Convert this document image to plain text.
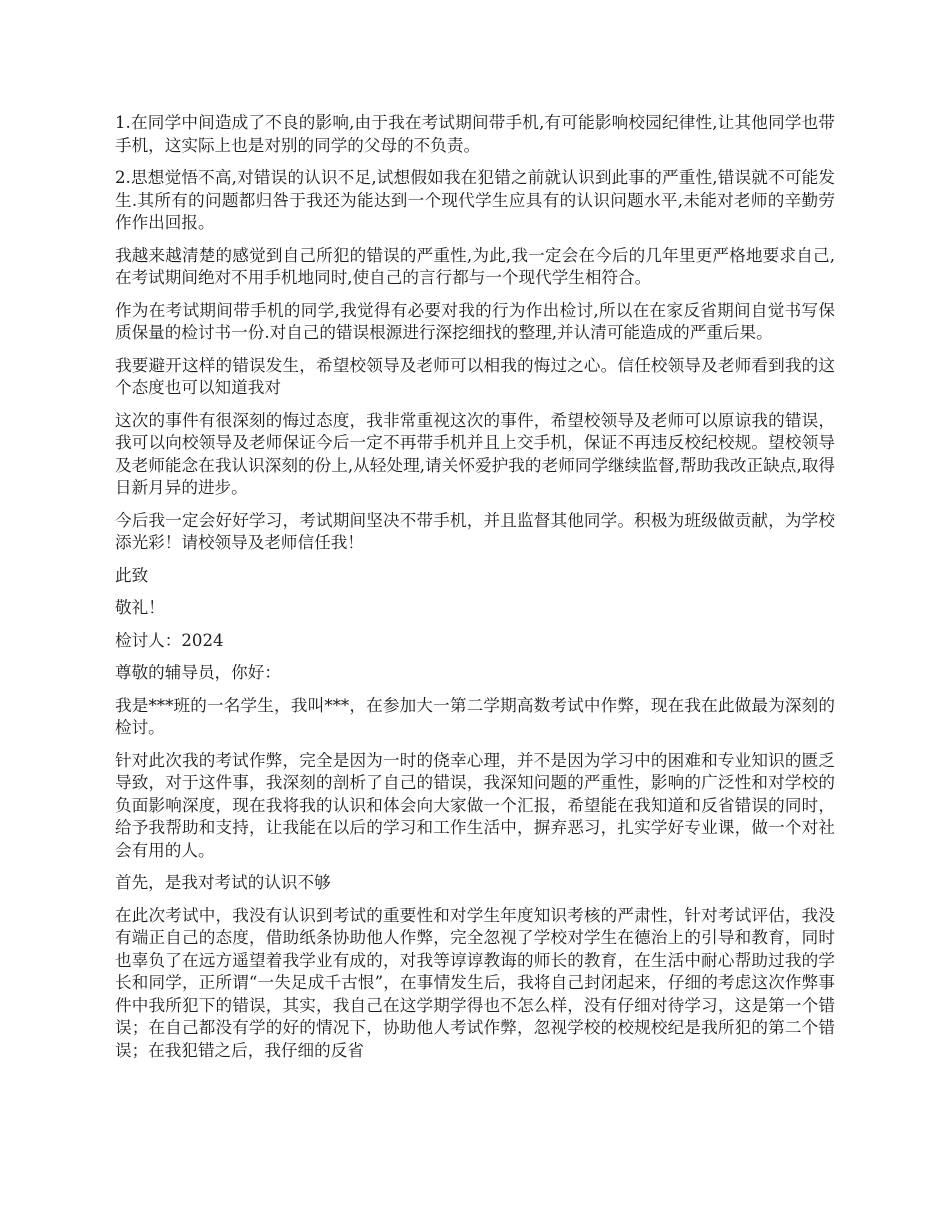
1.在同学中间造成了不良的影响,由于我在考试期间带手机,有可能影响校园纪律性,让其他同学也带手机，这实际上也是对别的同学的父母的不负责。

2.思想觉悟不高,对错误的认识不足,试想假如我在犯错之前就认识到此事的严重性,错误就不可能发生.其所有的问题都归咎于我还为能达到一个现代学生应具有的认识问题水平,未能对老师的辛勤劳作作出回报。

我越来越清楚的感觉到自己所犯的错误的严重性,为此,我一定会在今后的几年里更严格地要求自己,在考试期间绝对不用手机地同时,使自己的言行都与一个现代学生相符合。

作为在考试期间带手机的同学,我觉得有必要对我的行为作出检讨,所以在在家反省期间自觉书写保质保量的检讨书一份.对自己的错误根源进行深挖细找的整理,并认清可能造成的严重后果。

我要避开这样的错误发生，希望校领导及老师可以相我的悔过之心。信任校领导及老师看到我的这个态度也可以知道我对

这次的事件有很深刻的悔过态度，我非常重视这次的事件，希望校领导及老师可以原谅我的错误，我可以向校领导及老师保证今后一定不再带手机并且上交手机，保证不再违反校纪校规。望校领导及老师能念在我认识深刻的份上,从轻处理,请关怀爱护我的老师同学继续监督,帮助我改正缺点,取得日新月异的进步。

今后我一定会好好学习，考试期间坚决不带手机，并且监督其他同学。积极为班级做贡献，为学校添光彩！请校领导及老师信任我！

此致

敬礼！

检讨人：2024

尊敬的辅导员，你好：

我是***班的一名学生，我叫***，在参加大一第二学期高数考试中作弊，现在我在此做最为深刻的检讨。

针对此次我的考试作弊，完全是因为一时的侥幸心理，并不是因为学习中的困难和专业知识的匮乏导致，对于这件事，我深刻的剖析了自己的错误，我深知问题的严重性，影响的广泛性和对学校的负面影响深度，现在我将我的认识和体会向大家做一个汇报，希望能在我知道和反省错误的同时，给予我帮助和支持，让我能在以后的学习和工作生活中，摒弃恶习，扎实学好专业课，做一个对社会有用的人。

首先，是我对考试的认识不够

在此次考试中，我没有认识到考试的重要性和对学生年度知识考核的严肃性，针对考试评估，我没有端正自己的态度，借助纸条协助他人作弊，完全忽视了学校对学生在德治上的引导和教育，同时也辜负了在远方遥望着我学业有成的，对我等谆谆教诲的师长的教育，在生活中耐心帮助过我的学长和同学，正所谓“一失足成千古恨”，在事情发生后，我将自己封闭起来，仔细的考虑这次作弊事件中我所犯下的错误，其实，我自己在这学期学得也不怎么样，没有仔细对待学习，这是第一个错误；在自己都没有学的好的情况下，协助他人考试作弊，忽视学校的校规校纪是我所犯的第二个错误；在我犯错之后，我仔细的反省
